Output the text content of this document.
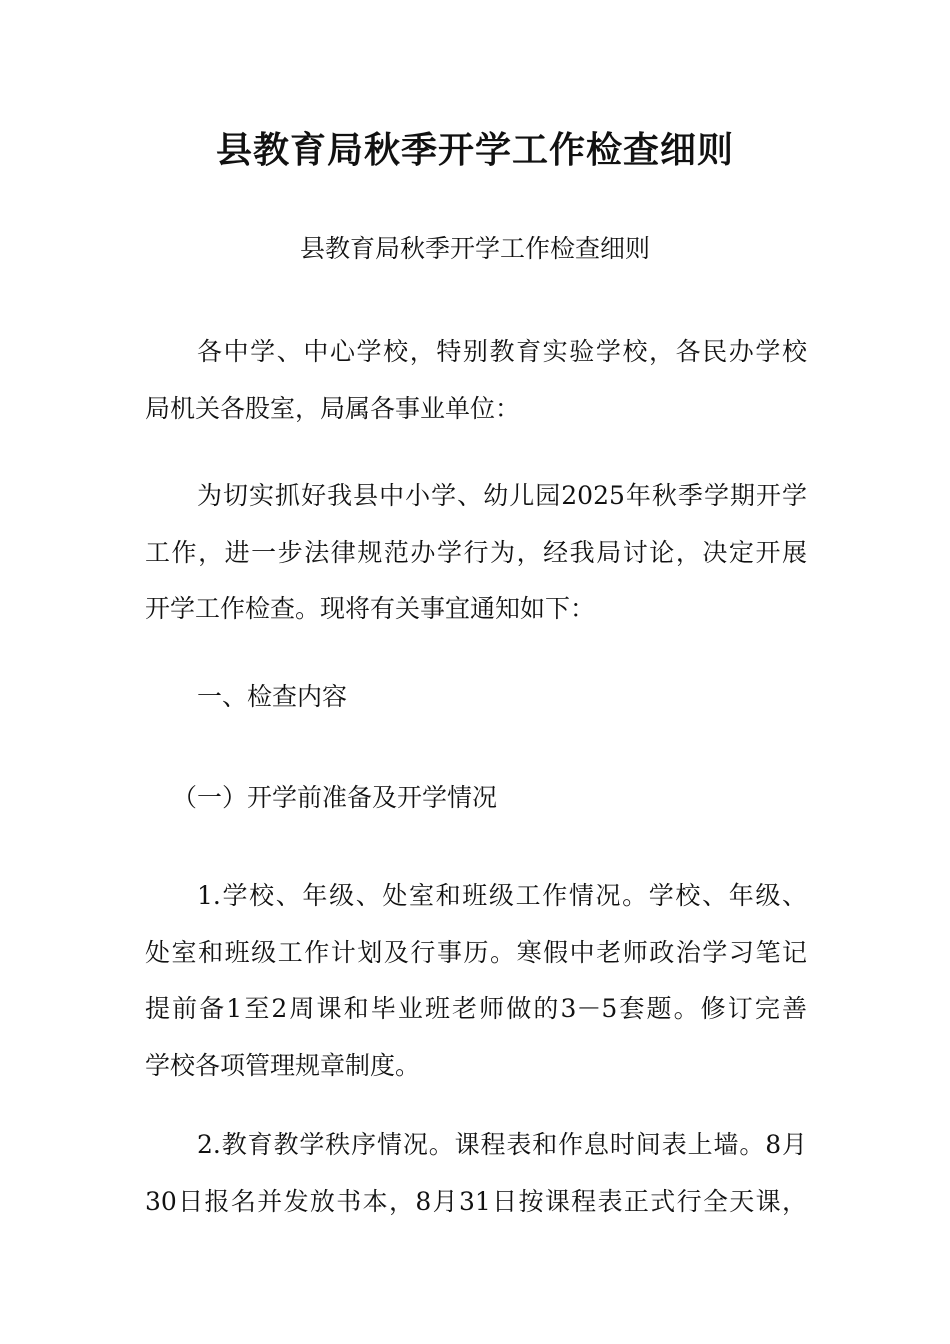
县教育局秋季开学工作检查细则
县教育局秋季开学工作检查细则
各中学、中心学校，特别教育实验学校，各民办学校
局机关各股室，局属各事业单位：
为切实抓好我县中小学、幼儿园2025年秋季学期开学
工作，进一步法律规范办学行为，经我局讨论，决定开展
开学工作检查。现将有关事宜通知如下：
一、检查内容
（一）开学前准备及开学情况
1.学校、年级、处室和班级工作情况。学校、年级、
处室和班级工作计划及行事历。寒假中老师政治学习笔记
提前备1至2周课和毕业班老师做的3－5套题。修订完善
学校各项管理规章制度。
2.教育教学秩序情况。课程表和作息时间表上墙。8月
30日报名并发放书本，8月31日按课程表正式行全天课，
